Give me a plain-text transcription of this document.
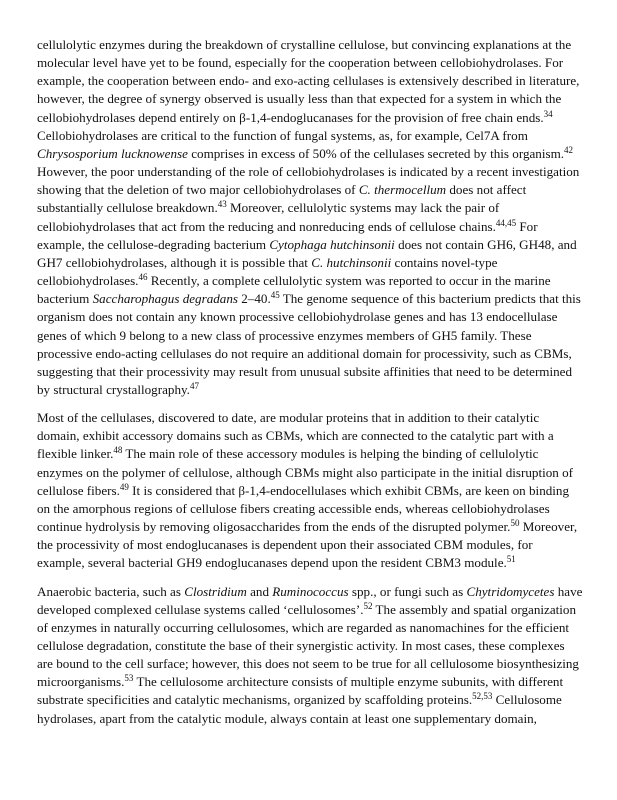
cellulolytic enzymes during the breakdown of crystalline cellulose, but convincing explanations at the molecular level have yet to be found, especially for the cooperation between cellobiohydrolases. For example, the cooperation between endo- and exo-acting cellulases is extensively described in literature, however, the degree of synergy observed is usually less than that expected for a system in which the cellobiohydrolases depend entirely on β-1,4-endoglucanases for the provision of free chain ends.$^{34}$ Cellobiohydrolases are critical to the function of fungal systems, as, for example, Cel7A from Chrysosporium lucknowense comprises in excess of 50% of the cellulases secreted by this organism.$^{42}$ However, the poor understanding of the role of cellobiohydrolases is indicated by a recent investigation showing that the deletion of two major cellobiohydrolases of C. thermocellum does not affect substantially cellulose breakdown.$^{43}$ Moreover, cellulolytic systems may lack the pair of cellobiohydrolases that act from the reducing and nonreducing ends of cellulose chains.$^{44,45}$ For example, the cellulose-degrading bacterium Cytophaga hutchinsonii does not contain GH6, GH48, and GH7 cellobiohydrolases, although it is possible that C. hutchinsonii contains novel-type cellobiohydrolases.$^{46}$ Recently, a complete cellulolytic system was reported to occur in the marine bacterium Saccharophagus degradans 2–40.45 The genome sequence of this bacterium predicts that this organism does not contain any known processive cellobiohydrolase genes and has 13 endocellulase genes of which 9 belong to a new class of processive enzymes members of GH5 family. These processive endo-acting cellulases do not require an additional domain for processivity, such as CBMs, suggesting that their processivity may result from unusual subsite affinities that need to be determined by structural crystallography.$^{47}$

Most of the cellulases, discovered to date, are modular proteins that in addition to their catalytic domain, exhibit accessory domains such as CBMs, which are connected to the catalytic part with a flexible linker.$^{48}$ The main role of these accessory modules is helping the binding of cellulolytic enzymes on the polymer of cellulose, although CBMs might also participate in the initial disruption of cellulose fibers.$^{49}$ It is considered that β-1,4-endocellulases which exhibit CBMs, are keen on binding on the amorphous regions of cellulose fibers creating accessible ends, whereas cellobiohydrolases continue hydrolysis by removing oligosaccharides from the ends of the disrupted polymer.$^{50}$ Moreover, the processivity of most endoglucanases is dependent upon their associated CBM modules, for example, several bacterial GH9 endoglucanases depend upon the resident CBM3 module.$^{51}$

Anaerobic bacteria, such as Clostridium and Ruminococcus spp., or fungi such as Chytridomycetes have developed complexed cellulase systems called ‘cellulosomes’.$^{52}$ The assembly and spatial organization of enzymes in naturally occurring cellulosomes, which are regarded as nanomachines for the efficient cellulose degradation, constitute the base of their synergistic activity. In most cases, these complexes are bound to the cell surface; however, this does not seem to be true for all cellulosome biosynthesizing microorganisms.$^{53}$ The cellulosome architecture consists of multiple enzyme subunits, with different substrate specificities and catalytic mechanisms, organized by scaffolding proteins.$^{52,53}$ Cellulosome hydrolases, apart from the catalytic module, always contain at least one supplementary domain,
